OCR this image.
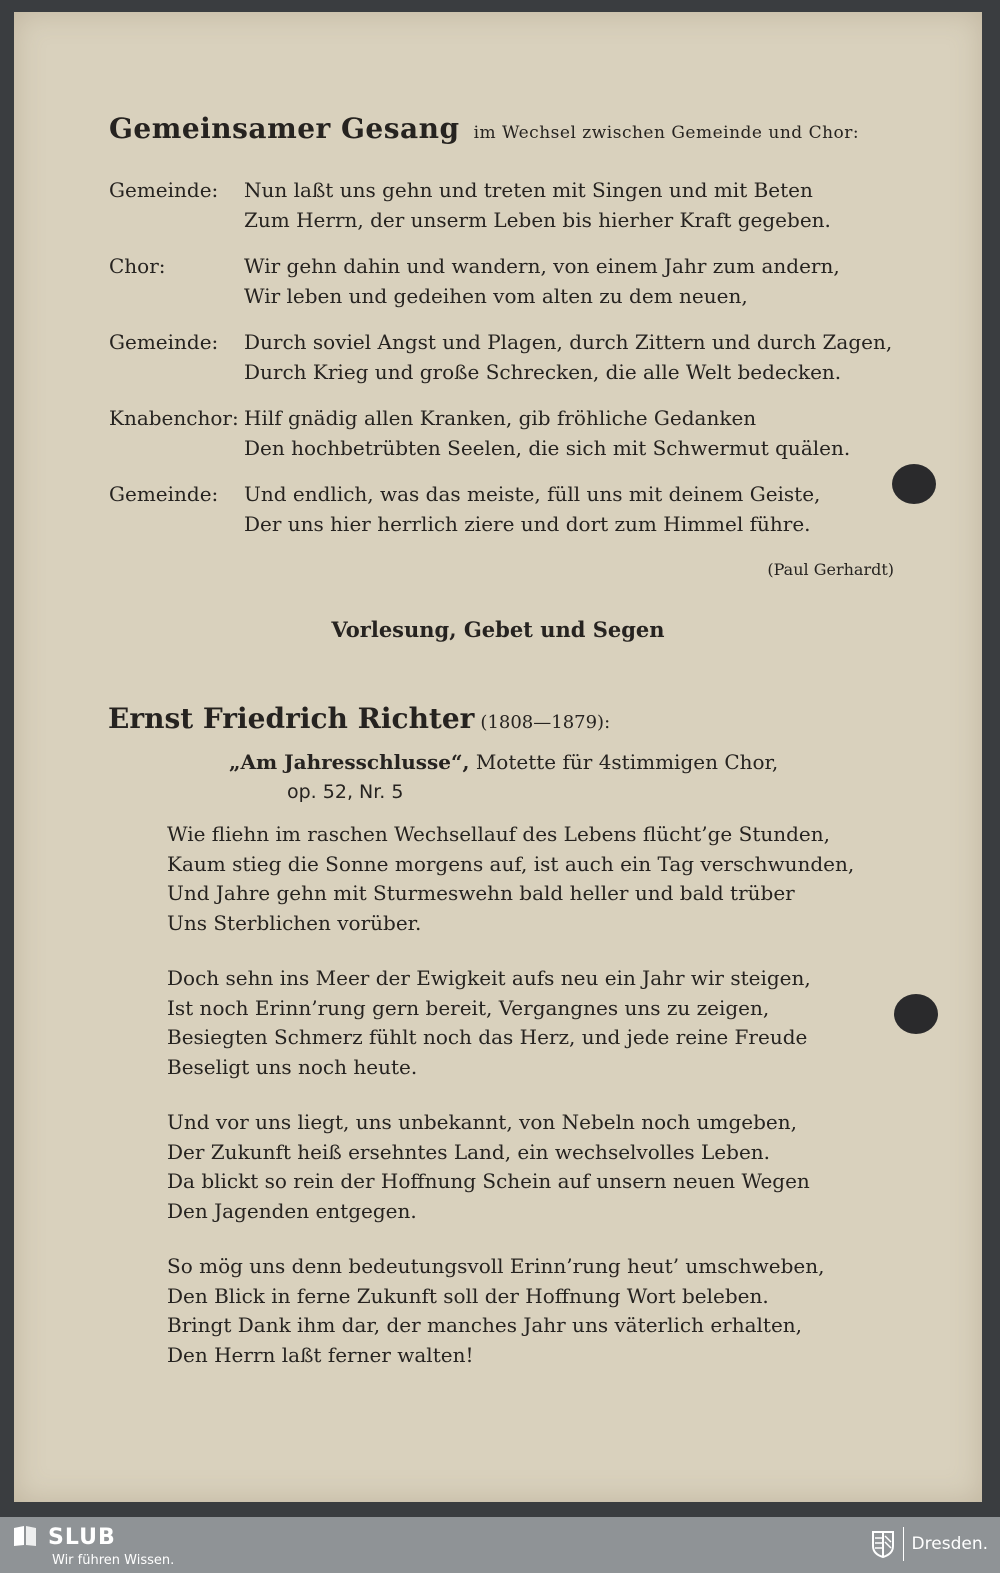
Gemeinsamer Gesang im Wechsel zwischen Gemeinde und Chor:
Gemeinde:	Nun laßt uns gehn und treten mit Singen und mit Beten
Zum Herrn, der unserm Leben bis hierher Kraft gegeben.
Chor:	Wir gehn dahin und wandern, von einem Jahr zum andern,
Wir leben und gedeihen vom alten zu dem neuen,
Gemeinde:	Durch soviel Angst und Plagen, durch Zittern und durch Zagen,
Durch Krieg und große Schrecken, die alle Welt bedecken.
Knabenchor: Hilf gnädig allen Kranken, gib fröhliche Gedanken
Den hochbetrübten Seelen, die sich mit Schwermut quälen.
Gemeinde:	Und endlich, was das meiste, füll uns mit deinem Geiste,
Der uns hier herrlich ziere und dort zum Himmel führe.
(Paul Gerhardt)
Vorlesung, Gebet und Segen
Ernst Friedrich Richter (1808—1879):
„Am Jahresschlusse“, Motette für 4stimmigen Chor,
op. 52, Nr. 5
Wie fliehn im raschen Wechsellauf des Lebens flücht’ge Stunden,
Kaum stieg die Sonne morgens auf, ist auch ein Tag verschwunden,
Und Jahre gehn mit Sturmeswehn bald heller und bald trüber
Uns Sterblichen vorüber.
Doch sehn ins Meer der Ewigkeit aufs neu ein Jahr wir steigen,
Ist noch Erinn’rung gern bereit, Vergangnes uns zu zeigen,
Besiegten Schmerz fühlt noch das Herz, und jede reine Freude
Beseligt uns noch heute.
Und vor uns liegt, uns unbekannt, von Nebeln noch umgeben,
Der Zukunft heiß ersehntes Land, ein wechselvolles Leben.
Da blickt so rein der Hoffnung Schein auf unsern neuen Wegen
Den Jagenden entgegen.
So mög uns denn bedeutungsvoll Erinn’rung heut’ umschweben,
Den Blick in ferne Zukunft soll der Hoffnung Wort beleben.
Bringt Dank ihm dar, der manches Jahr uns väterlich erhalten,
Den Herrn laßt ferner walten!
SLUB
Wir führen Wissen.
Dresden.
